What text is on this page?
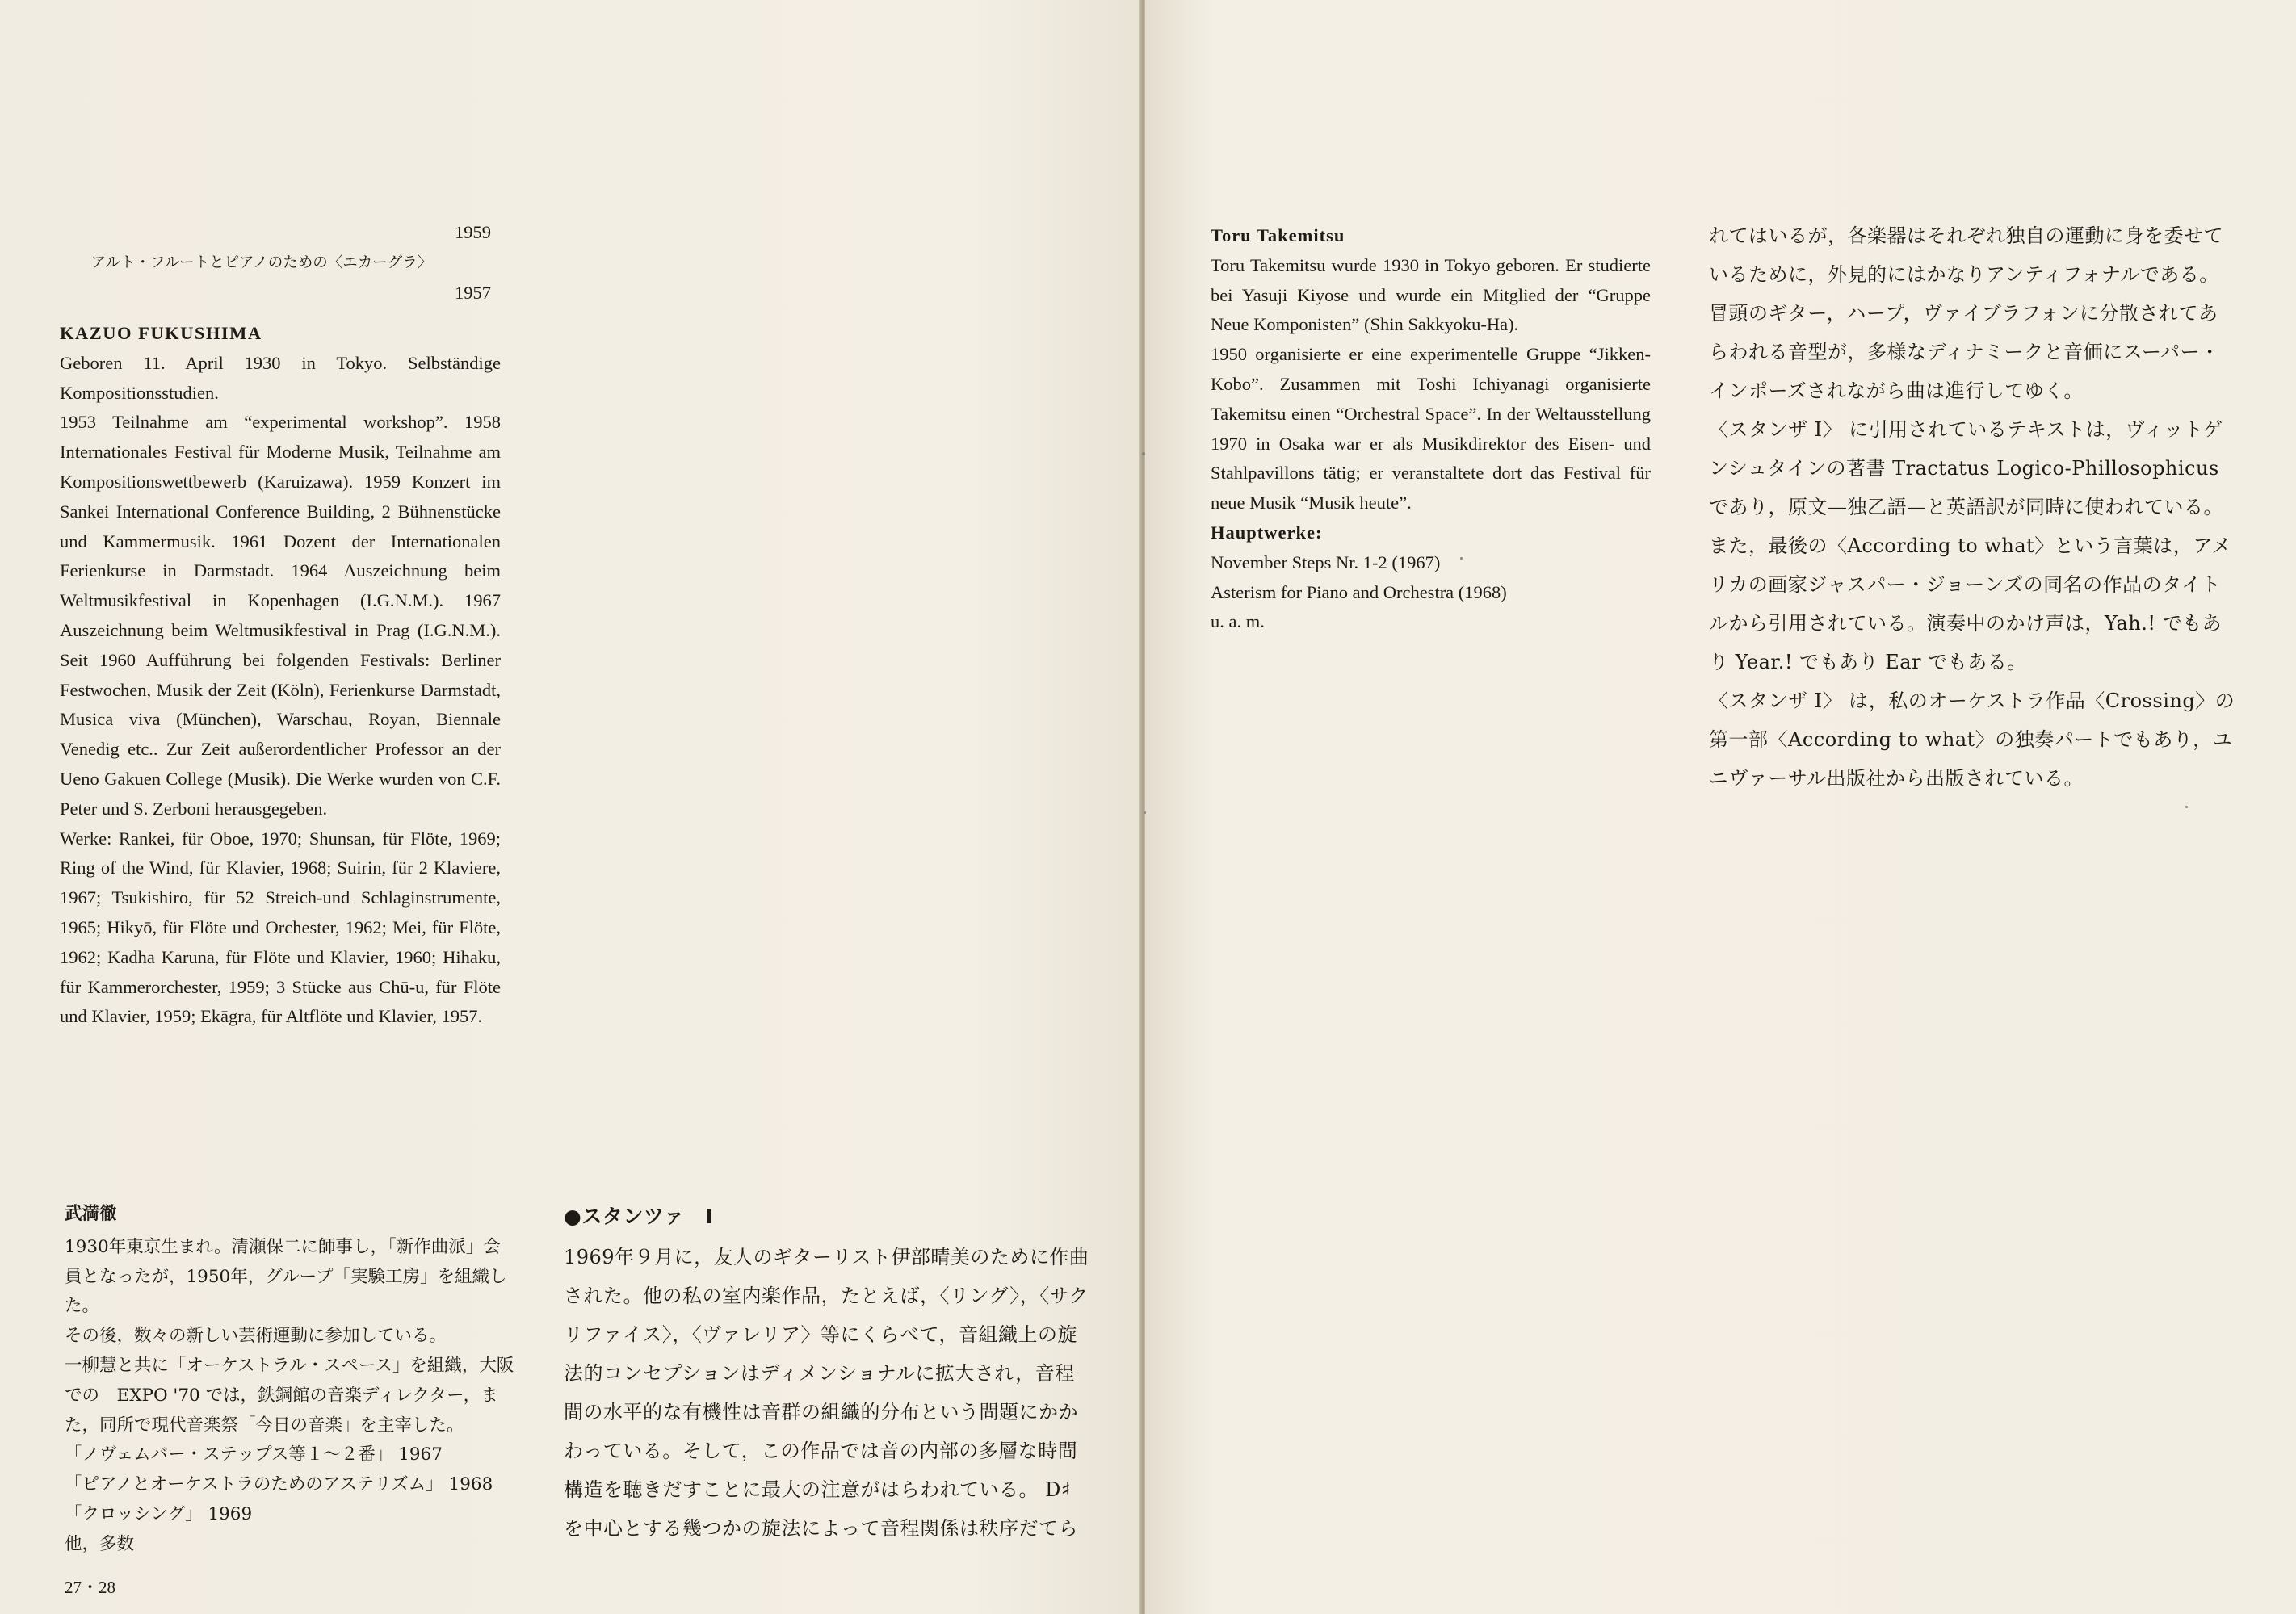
1959

アルト・フルートとピアノのための〈エカーグラ〉

1957

KAZUO FUKUSHIMA

Geboren 11. April 1930 in Tokyo. Selbständige Kompositionsstudien.

1953 Teilnahme am “experimental workshop”. 1958 Internationales Festival für Moderne Musik, Teilnahme am Kompositionswettbewerb (Karuizawa). 1959 Konzert im Sankei International Conference Building, 2 Bühnenstücke und Kammermusik. 1961 Dozent der Internationalen Ferienkurse in Darmstadt. 1964 Auszeichnung beim Weltmusikfestival in Kopenhagen (I.G.N.M.). 1967 Auszeichnung beim Weltmusikfestival in Prag (I.G.N.M.). Seit 1960 Aufführung bei folgenden Festivals: Berliner Festwochen, Musik der Zeit (Köln), Ferienkurse Darmstadt, Musica viva (München), Warschau, Royan, Biennale Venedig etc.. Zur Zeit außerordentlicher Professor an der Ueno Gakuen College (Musik). Die Werke wurden von C.F. Peter und S. Zerboni herausgegeben.

Werke: Rankei, für Oboe, 1970; Shunsan, für Flöte, 1969; Ring of the Wind, für Klavier, 1968; Suirin, für 2 Klaviere, 1967; Tsukishiro, für 52 Streich-und Schlaginstrumente, 1965; Hikyō, für Flöte und Orchester, 1962; Mei, für Flöte, 1962; Kadha Karuna, für Flöte und Klavier, 1960; Hihaku, für Kammerorchester, 1959; 3 Stücke aus Chū-u, für Flöte und Klavier, 1959; Ekāgra, für Altflöte und Klavier, 1957.

武満徹

1930年東京生まれ。清瀬保二に師事し，「新作曲派」会員となったが，1950年，グループ「実験工房」を組織した。

その後，数々の新しい芸術運動に参加している。

一柳慧と共に「オーケストラル・スペース」を組織，大阪での　EXPO '70 では，鉄鋼館の音楽ディレクター，また，同所で現代音楽祭「今日の音楽」を主宰した。

「ノヴェムバー・ステップス等１〜２番」 1967

「ピアノとオーケストラのためのアステリズム」 1968

「クロッシング」 1969

他，多数

●スタンツァ　I

1969年９月に，友人のギターリスト伊部晴美のために作曲された。他の私の室内楽作品，たとえば，〈リング〉，〈サクリファイス〉，〈ヴァレリア〉等にくらべて，音組織上の旋法的コンセプションはディメンショナルに拡大され，音程間の水平的な有機性は音群の組織的分布という問題にかかわっている。そして，この作品では音の内部の多層な時間構造を聴きだすことに最大の注意がはらわれている。 D♯を中心とする幾つかの旋法によって音程関係は秩序だてら

27・28

Toru Takemitsu

Toru Takemitsu wurde 1930 in Tokyo geboren. Er studierte bei Yasuji Kiyose und wurde ein Mitglied der “Gruppe Neue Komponisten” (Shin Sakkyoku-Ha).

1950 organisierte er eine experimentelle Gruppe “Jikken-Kobo”. Zusammen mit Toshi Ichiyanagi organisierte Takemitsu einen “Orchestral Space”. In der Weltausstellung 1970 in Osaka war er als Musikdirektor des Eisen- und Stahlpavillons tätig; er veranstaltete dort das Festival für neue Musik “Musik heute”.

Hauptwerke:

November Steps Nr. 1-2 (1967)

Asterism for Piano and Orchestra (1968)

u. a. m.

れてはいるが，各楽器はそれぞれ独自の運動に身を委せているために，外見的にはかなりアンティフォナルである。冒頭のギター，ハープ，ヴァイブラフォンに分散されてあらわれる音型が，多様なディナミークと音価にスーパー・インポーズされながら曲は進行してゆく。

〈スタンザ I〉 に引用されているテキストは，ヴィットゲンシュタインの著書 Tractatus Logico-Phillosophicus であり，原文—独乙語—と英語訳が同時に使われている。また，最後の〈According to what〉という言葉は，アメリカの画家ジャスパー・ジョーンズの同名の作品のタイトルから引用されている。演奏中のかけ声は，Yah.! でもあり Year.! でもあり Ear でもある。

〈スタンザ I〉 は，私のオーケストラ作品〈Crossing〉の第一部〈According to what〉の独奏パートでもあり，ユニヴァーサル出版社から出版されている。
